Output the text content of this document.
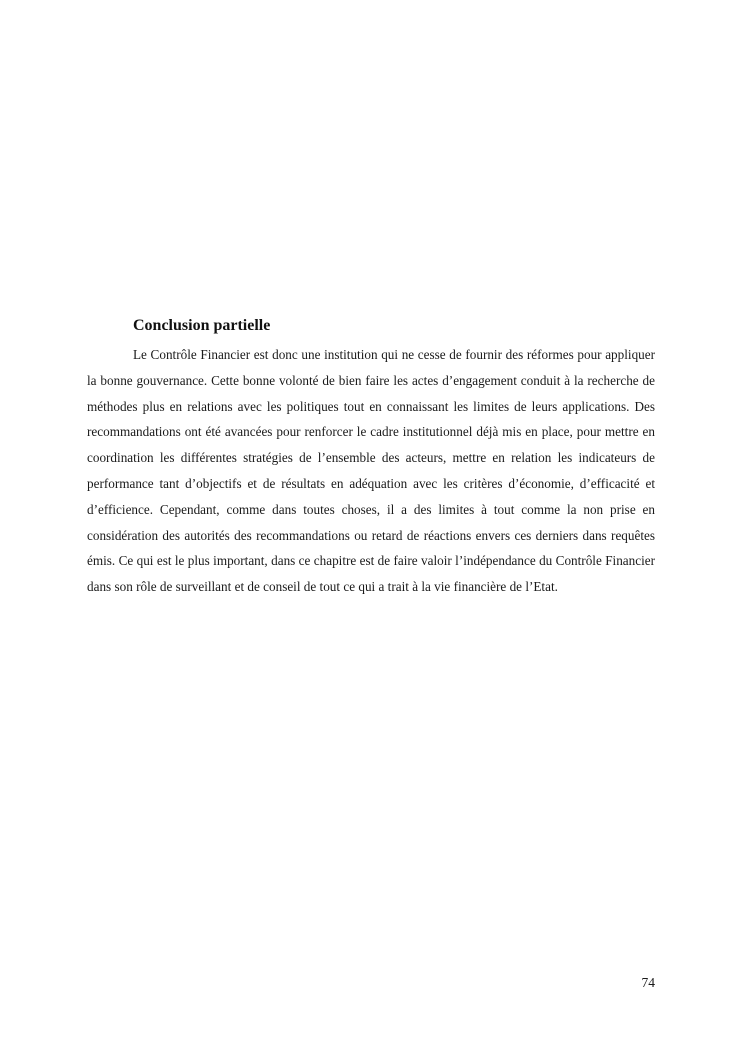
Conclusion partielle

Le Contrôle Financier est donc une institution qui ne cesse de fournir des réformes pour appliquer la bonne gouvernance. Cette bonne volonté de bien faire les actes d’engagement conduit à la recherche de méthodes plus en relations avec les politiques tout en connaissant les limites de leurs applications. Des recommandations ont été avancées pour renforcer le cadre institutionnel déjà mis en place, pour mettre en coordination les différentes stratégies de l’ensemble des acteurs, mettre en relation les indicateurs de performance tant d’objectifs et de résultats en adéquation avec les critères d’économie, d’efficacité et d’efficience. Cependant, comme dans toutes choses, il a des limites à tout comme la non prise en considération des autorités des recommandations ou retard de réactions envers ces derniers dans requêtes émis. Ce qui est le plus important, dans ce chapitre est de faire valoir l’indépendance du Contrôle Financier dans son rôle de surveillant et de conseil de tout ce qui a trait à la vie financière de l’Etat.

74
